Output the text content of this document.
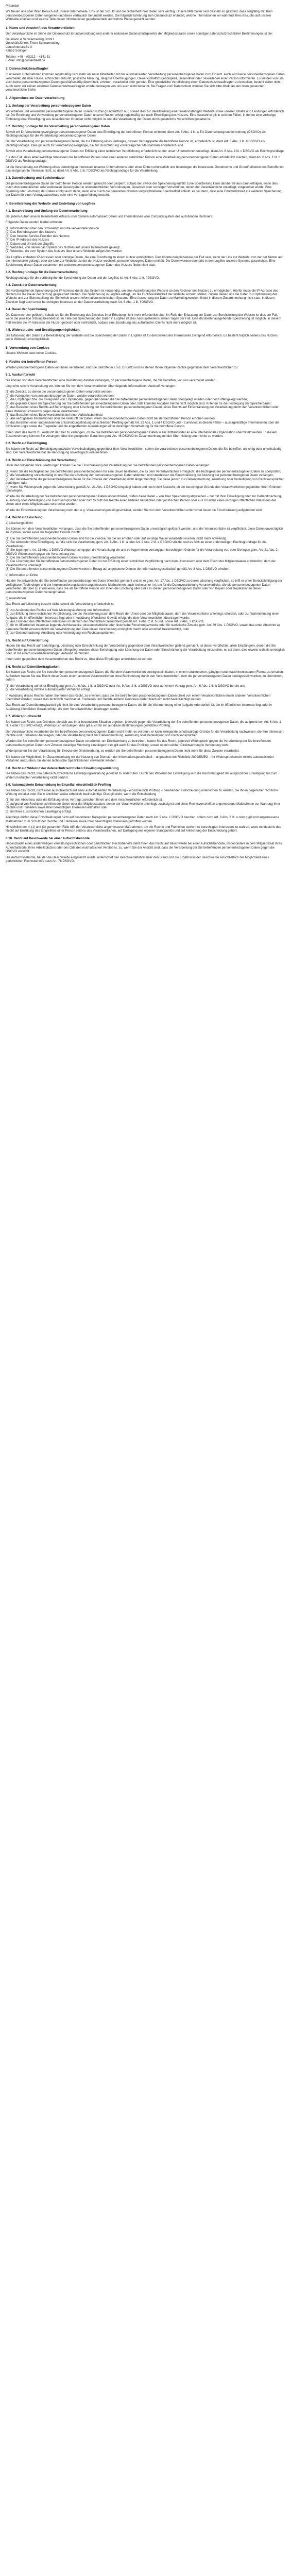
Präambel

Wir freuen uns über Ihren Besuch auf unserer Internetseite. Uns ist der Schutz und die Sicherheit Ihrer Daten sehr wichtig. Unsere Mitarbeiter sind deshalb so geschult, dass sorgfältig mit Ihren personenbezogenen Daten umgehen und diese vertraulich behandelt werden. Die folgende Erklärung zum Datenschutz erläutert, welche Informationen wir während Ihres Besuchs auf unserer Webseite erfassen und welche Teile dieser Informationen gegebenenfalls auf welche Weise genutzt werden.

1. Name und Anschrift des Verantwortlichen

Der Verantwortliche im Sinne der Datenschutz-Grundverordnung und anderer nationaler Datenschutzgesetze der Mitgliedsstaaten sowie sonstiger datenschutzrechtlicher Bestimmungen ist die:

Baumann & Schwarmeding GmbH

Geschäftsführer: Thore Schwarmeding

Leuschnerstraße 3

42659 Solingen

Telefon: +49 – (0)212 – 4141 51

E-Mail: info@postanhaelt.de

2. Datenschutzbeauftragter

In unserem Unternehmen kommen regelmäßig nicht mehr als neun Mitarbeiter mit der automatisierten Verarbeitung personenbezogener Daten zum Einsatz. Auch wird keine personenbezogenen Daten verarbeitet, die über Rasse, ethnische Herkunft, politische Meinung, religiöse Überzeugungen, Gewerkschaftszugehörigkeit, Gesundheit oder Sexualleben einer Person informieren. Es werden von uns auch keine personenbezogenen Daten geschäftsmäßig übermittelt, erhoben, verarbeitet oder genutzt. Eine gesetzliche Verpflichtung einen Datenschutzbeauftragten zu bestellen, besteht daher nicht. Auch wenn wir keinen externen Datenschutzbeauftragten würde deswegen von uns auch nicht benannt. Bei Fragen zum Datenschutz wenden Sie sich bitte direkt an den oben genannten verantwortliche Stelle.

3. Allgemeines zur Datenverarbeitung
3.1. Umfang der Verarbeitung personenbezogener Daten

Wir erheben und verwenden personenbezogene Daten unserer Nutzer grundsätzlich nur, soweit dies zur Bereitstellung einer funktionsfähigen Website sowie unserer Inhalte und Leistungen erforderlich ist. Die Erhebung und Verwendung personenbezogener Daten unserer Nutzer erfolgt regelmäßig nur nach Einwilligung des Nutzers. Eine Ausnahme gilt in solchen Fällen, in denen eine vorherige Einholung einer Einwilligung aus tatsächlichen Gründen nicht möglich ist und die Verarbeitung der Daten durch gesetzliche Vorschriften gestattet ist.

3.2. Rechtsgrundlage für die Verarbeitung personenbezogener Daten

Soweit wir für Verarbeitungsvorgänge personenbezogener Daten eine Einwilligung der betroffenen Person einholen, dient Art. 6 Abs. 1 lit. a EU-Datenschutzgrundverordnung (DSGVO) als Rechtsgrundlage für die Verarbeitung personenbezogener Daten.

Bei der Verarbeitung von personenbezogenen Daten, die zur Erfüllung eines Vertrages, dessen Vertragspartei die betroffene Person ist, erforderlich ist, dient Art. 6 Abs. 1 lit. b DSGVO als Rechtsgrundlage. Dies gilt auch für Verarbeitungsvorgänge, die zur Durchführung vorvertraglicher Maßnahmen erforderlich sind.

Soweit eine Verarbeitung personenbezogener Daten zur Erfüllung einer rechtlichen Verpflichtung erforderlich ist, der unser Unternehmen unterliegt, dient Art. 6 Abs. 1 lit. c DSGVO als Rechtsgrundlage.

Für den Fall, dass lebenswichtige Interessen der betroffenen Person oder einer anderen natürlichen Person eine Verarbeitung personenbezogener Daten erforderlich machen, dient Art. 6 Abs. 1 lit. d DSGVO als Rechtsgrundlage.

Ist die Verarbeitung zur Wahrung eines berechtigten Interesses unseres Unternehmens oder eines Dritten erforderlich und überwiegen die Interessen, Grundrechte und Grundfreiheiten des Betroffenen das erstgenannte Interesse nicht, so dient Art. 6 Abs. 1 lit. f DSGVO als Rechtsgrundlage für die Verarbeitung.

3.3. Datenlöschung und Speicherdauer

Die personenbezogenen Daten der betroffenen Person werden gelöscht oder gesperrt, sobald der Zweck der Speicherung entfällt. Eine Speicherung kann darüber hinaus dann erfolgen, wenn dies durch den europäischen oder nationalen Gesetzgeber in unionsrechtlichen Verordnungen, Gesetzen oder sonstigen Vorschriften, denen der Verantwortliche unterliegt, vorgesehen wurde. Eine Sperrung oder Löschung der Daten erfolgt auch dann, wenn eine durch die genannten Normen vorgeschriebene Speicherfrist abläuft, es sei denn, dass eine Erforderlichkeit zur weiteren Speicherung der Daten für einen Vertragsabschluss oder eine Vertragserfüllung besteht.

4. Bereitstellung der Website und Erstellung von Logfiles
4.1. Beschreibung und Umfang der Datenverarbeitung

Bei jedem Aufruf unserer Internetseite erfasst unser System automatisiert Daten und Informationen vom Computersystem des aufrufenden Rechners.

Folgende Daten werden hierbei erhoben:

(1) Informationen über den Browsertyp und die verwendete Version

(2) Das Betriebssystem des Nutzers

(3) Den Internet-Service-Provider des Nutzers

(4) Die IP-Adresse des Nutzers

(5) Datum und Uhrzeit des Zugriffs

(6) Websites, von denen das System des Nutzers auf unsere Internetseite gelangt

(7) Websites, die vom System des Nutzers über unsere Website aufgerufen werden

Die Logfiles enthalten IP-Adressen oder sonstige Daten, die eine Zuordnung zu einem Nutzer ermöglichen. Dies könnte beispielsweise der Fall sein, wenn der Link zur Website, von der der Nutzer auf die Internetseite gelangt, oder der Link zur Website, zu der der Nutzer wechselt, personenbezogene Daten enthält. Die Daten werden ebenfalls in den Logfiles unseres Systems gespeichert. Eine Speicherung dieser Daten zusammen mit anderen personenbezogenen Daten des Nutzers findet nicht statt.

4.2. Rechtsgrundlage für die Datenverarbeitung

Rechtsgrundlage für die vorübergehende Speicherung der Daten und der Logfiles ist Art. 6 Abs. 1 lit. f DSGVO.

4.3. Zweck der Datenverarbeitung

Die vorübergehende Speicherung der IP-Adresse durch das System ist notwendig, um eine Auslieferung der Website an den Rechner des Nutzers zu ermöglichen. Hierfür muss die IP-Adresse des Nutzers für die Dauer der Sitzung gespeichert bleiben. Die Speicherung in Logfiles erfolgt, um die Funktionsfähigkeit der Website sicherzustellen. Zudem dienen uns die Daten zur Optimierung der Website und zur Sicherstellung der Sicherheit unserer informationstechnischen Systeme. Eine Auswertung der Daten zu Marketingzwecken findet in diesem Zusammenhang nicht statt. In diesen Zwecken liegt auch unser berechtigtes Interesse an der Datenverarbeitung nach Art. 6 Abs. 1 lit. f DSGVO.

4.4. Dauer der Speicherung

Die Daten werden gelöscht, sobald sie für die Erreichung des Zweckes ihrer Erhebung nicht mehr erforderlich sind. Im Falle der Erfassung der Daten zur Bereitstellung der Website ist dies der Fall, wenn die jeweilige Sitzung beendet ist. Im Falle der Speicherung der Daten in Logfiles ist dies nach spätestens sieben Tagen der Fall. Eine darüberhinausgehende Speicherung ist möglich. In diesem Fall werden die IP-Adressen der Nutzer gelöscht oder verfremdet, sodass eine Zuordnung des aufrufenden Clients nicht mehr möglich ist.

4.5. Widerspruchs- und Beseitigungsmöglichkeit

Die Erfassung der Daten zur Bereitstellung der Website und die Speicherung der Daten in Logfiles ist für den Betrieb der Internetseite zwingend erforderlich. Es besteht folglich seitens des Nutzers keine Widerspruchsmöglichkeit.

5. Verwendung von Cookies

Unsere Website setzt keine Cookies.

6. Rechte der betroffenen Person

Werden personenbezogene Daten von Ihnen verarbeitet, sind Sie Betroffener i.S.d. DSGVO und es stehen Ihnen folgende Rechte gegenüber dem Verantwortlichen zu:

6.1. Auskunftsrecht

Sie können von dem Verantwortlichen eine Bestätigung darüber verlangen, ob personenbezogene Daten, die Sie betreffen, von uns verarbeitet werden.

Liegt eine solche Verarbeitung vor, können Sie von dem Verantwortlichen über folgende Informationen Auskunft verlangen:

(1) die Zwecke, zu denen die personenbezogenen Daten verarbeitet werden;

(2) die Kategorien von personenbezogenen Daten, welche verarbeitet werden;

(3) die Empfänger bzw. die Kategorien von Empfängern, gegenüber denen die Sie betreffenden personenbezogenen Daten offengelegt wurden oder noch offengelegt werden;

(4) die geplante Dauer der Speicherung der Sie betreffenden personenbezogenen Daten oder, falls konkrete Angaben hierzu nicht möglich sind, Kriterien für die Festlegung der Speicherdauer;

(5) das Bestehen eines Rechts auf Berichtigung oder Löschung der Sie betreffenden personenbezogenen Daten, eines Rechts auf Einschränkung der Verarbeitung durch den Verantwortlichen oder eines Widerspruchsrechts gegen diese Verarbeitung;

(6) das Bestehen eines Beschwerderechts bei einer Aufsichtsbehörde;

(7) alle verfügbaren Informationen über die Herkunft der Daten, wenn die personenbezogenen Daten nicht bei der betroffenen Person erhoben werden;

(8) das Bestehen einer automatisierten Entscheidungsfindung einschließlich Profiling gemäß Art. 22 Abs. 1 und 4 DSGVO und – zumindest in diesen Fällen – aussagekräftige Informationen über die involvierte Logik sowie die Tragweite und die angestrebten Auswirkungen einer derartigen Verarbeitung für die betroffene Person.

Ihnen steht das Recht zu, Auskunft darüber zu verlangen, ob die Sie betreffenden personenbezogenen Daten in ein Drittland oder an eine internationale Organisation übermittelt werden. In diesem Zusammenhang können Sie verlangen, über die geeigneten Garantien gem. Art. 46 DSGVO im Zusammenhang mit der Übermittlung unterrichtet zu werden.

6.2. Recht auf Berichtigung

Sie haben ein Recht auf Berichtigung und/oder Vervollständigung gegenüber dem Verantwortlichen, sofern die verarbeiteten personenbezogenen Daten, die Sie betreffen, unrichtig oder unvollständig sind. Der Verantwortliche hat die Berichtigung unverzüglich vorzunehmen.

6.3. Recht auf Einschränkung der Verarbeitung

Unter den folgenden Voraussetzungen können Sie die Einschränkung der Verarbeitung der Sie betreffenden personenbezogenen Daten verlangen:

(1) wenn Sie die Richtigkeit der Sie betreffenden personenbezogenen für eine Dauer bestreiten, die es dem Verantwortlichen ermöglicht, die Richtigkeit der personenbezogenen Daten zu überprüfen;

(2) die Verarbeitung unrechtmäßig ist und Sie die Löschung der personenbezogenen Daten ablehnen und stattdessen die Einschränkung der Nutzung der personenbezogenen Daten verlangen;

(3) der Verantwortliche die personenbezogenen Daten für die Zwecke der Verarbeitung nicht länger benötigt, Sie diese jedoch zur Geltendmachung, Ausübung oder Verteidigung von Rechtsansprüchen benötigen, oder

(4) wenn Sie Widerspruch gegen die Verarbeitung gemäß Art. 21 Abs. 1 DSGVO eingelegt haben und noch nicht feststeht, ob die berechtigten Gründe des Verantwortlichen gegenüber Ihren Gründen überwiegen.

Wurde die Verarbeitung der Sie betreffenden personenbezogenen Daten eingeschränkt, dürfen diese Daten – von ihrer Speicherung abgesehen – nur mit Ihrer Einwilligung oder zur Geltendmachung, Ausübung oder Verteidigung von Rechtsansprüchen oder zum Schutz der Rechte einer anderen natürlichen oder juristischen Person oder aus Gründen eines wichtigen öffentlichen Interesses der Union oder eines Mitgliedstaats verarbeitet werden.

Wurde die Einschränkung der Verarbeitung nach den o.g. Voraussetzungen eingeschränkt, werden Sie von dem Verantwortlichen unterrichtet bevor die Einschränkung aufgehoben wird.

6.4. Recht auf Löschung

a) Löschungspflicht

Sie können von dem Verantwortlichen verlangen, dass die Sie betreffenden personenbezogenen Daten unverzüglich gelöscht werden, und der Verantwortliche ist verpflichtet, diese Daten unverzüglich zu löschen, sofern einer der folgenden Gründe zutrifft:

(1) Die Sie betreffenden personenbezogenen Daten sind für die Zwecke, für die sie erhoben oder auf sonstige Weise verarbeitet wurden, nicht mehr notwendig.

(2) Sie widerrufen Ihre Einwilligung, auf die sich die Verarbeitung gem. Art. 6 Abs. 1 lit. a oder Art. 9 Abs. 2 lit. a DSGVO stützte, und es fehlt an einer anderweitigen Rechtsgrundlage für die Verarbeitung.

(3) Sie legen gem. Art. 21 Abs. 1 DSGVO Widerspruch gegen die Verarbeitung ein und es liegen keine vorrangigen berechtigten Gründe für die Verarbeitung vor, oder Sie legen gem. Art. 21 Abs. 2 DSGVO Widerspruch gegen die Verarbeitung ein.

(4) Die Sie betreffenden personenbezogenen Daten wurden unrechtmäßig verarbeitet.

(5) Die Löschung der Sie betreffenden personenbezogenen Daten ist zur Erfüllung einer rechtlichen Verpflichtung nach dem Unionsrecht oder dem Recht der Mitgliedstaaten erforderlich, dem der Verantwortliche unterliegt.

(6) Die Sie betreffenden personenbezogenen Daten wurden in Bezug auf angebotene Dienste der Informationsgesellschaft gemäß Art. 8 Abs. 1 DSGVO erhoben.

b) Information an Dritte

Hat der Verantwortliche die Sie betreffenden personenbezogenen Daten öffentlich gemacht und ist er gem. Art. 17 Abs. 1 DSGVO zu deren Löschung verpflichtet, so trifft er unter Berücksichtigung der verfügbaren Technologie und der Implementierungskosten angemessene Maßnahmen, auch technischer Art, um für die Datenverarbeitung Verantwortliche, die die personenbezogenen Daten verarbeiten, darüber zu informieren, dass Sie als betroffene Person von ihnen die Löschung aller Links zu diesen personenbezogenen Daten oder von Kopien oder Replikationen dieser personenbezogenen Daten verlangt haben.

c) Ausnahmen

Das Recht auf Löschung besteht nicht, soweit die Verarbeitung erforderlich ist

(1) zur Ausübung des Rechts auf freie Meinungsäußerung und Information;

(2) zur Erfüllung einer rechtlichen Verpflichtung, die die Verarbeitung nach dem Recht der Union oder der Mitgliedstaaten, dem der Verantwortliche unterliegt, erfordert, oder zur Wahrnehmung einer Aufgabe, die im öffentlichen Interesse liegt oder in Ausübung öffentlicher Gewalt erfolgt, die dem Verantwortlichen übertragen wurde;

(3) aus Gründen des öffentlichen Interesses im Bereich der öffentlichen Gesundheit gemäß Art. 9 Abs. 2 lit. h und i sowie Art. 9 Abs. 3 DSGVO;

(4) für im öffentlichen Interesse liegende Archivzwecke, wissenschaftliche oder historische Forschungszwecke oder für statistische Zwecke gem. Art. 89 Abs. 1 DSGVO, soweit das unter Abschnitt a) genannte Recht voraussichtlich die Verwirklichung der Ziele dieser Verarbeitung unmöglich macht oder ernsthaft beeinträchtigt, oder

(5) zur Geltendmachung, Ausübung oder Verteidigung von Rechtsansprüchen.

6.5. Recht auf Unterrichtung

Haben Sie das Recht auf Berichtigung, Löschung oder Einschränkung der Verarbeitung gegenüber dem Verantwortlichen geltend gemacht, ist dieser verpflichtet, allen Empfängern, denen die Sie betreffenden personenbezogenen Daten offengelegt wurden, diese Berichtigung oder Löschung der Daten oder Einschränkung der Verarbeitung mitzuteilen, es sei denn, dies erweist sich als unmöglich oder ist mit einem unverhältnismäßigen Aufwand verbunden.

Ihnen steht gegenüber dem Verantwortlichen das Recht zu, über diese Empfänger unterrichtet zu werden.

6.6. Recht auf Datenübertragbarkeit

Sie haben das Recht, die Sie betreffenden personenbezogenen Daten, die Sie dem Verantwortlichen bereitgestellt haben, in einem strukturierten, gängigen und maschinenlesbaren Format zu erhalten. Außerdem haben Sie das Recht diese Daten einem anderen Verantwortlichen ohne Behinderung durch den Verantwortlichen, dem die personenbezogenen Daten bereitgestellt wurden, zu übermitteln, sofern

(1) die Verarbeitung auf einer Einwilligung gem. Art. 6 Abs. 1 lit. a DSGVO oder Art. 9 Abs. 2 lit. a DSGVO oder auf einem Vertrag gem. Art. 6 Abs. 1 lit. b DSGVO beruht und

(2) die Verarbeitung mithilfe automatisierter Verfahren erfolgt.

In Ausübung dieses Rechts haben Sie ferner das Recht, zu erwirken, dass die Sie betreffenden personenbezogenen Daten direkt von einem Verantwortlichen einem anderen Verantwortlichen übermittelt werden, soweit dies technisch machbar ist. Freiheiten und Rechte anderer Personen dürfen hierdurch nicht beeinträchtigt werden.

Das Recht auf Datenübertragbarkeit gilt nicht für eine Verarbeitung personenbezogener Daten, die für die Wahrnehmung einer Aufgabe erforderlich ist, die im öffentlichen Interesse liegt oder in Ausübung öffentlicher Gewalt erfolgt, die dem Verantwortlichen übertragen wurde.

6.7. Widerspruchsrecht

Sie haben das Recht, aus Gründen, die sich aus Ihrer besonderen Situation ergeben, jederzeit gegen die Verarbeitung der Sie betreffenden personenbezogenen Daten, die aufgrund von Art. 6 Abs. 1 lit. e oder f DSGVO erfolgt, Widerspruch einzulegen; dies gilt auch für ein auf diese Bestimmungen gestütztes Profiling.

Der Verantwortliche verarbeitet die Sie betreffenden personenbezogenen Daten nicht mehr, es sei denn, er kann zwingende schutzwürdige Gründe für die Verarbeitung nachweisen, die Ihre Interessen, Rechte und Freiheiten überwiegen, oder die Verarbeitung dient der Geltendmachung, Ausübung oder Verteidigung von Rechtsansprüchen.

Werden die Sie betreffenden personenbezogenen Daten verarbeitet, um Direktwerbung zu betreiben, haben Sie das Recht, jederzeit Widerspruch gegen die Verarbeitung der Sie betreffenden personenbezogenen Daten zum Zwecke derartiger Werbung einzulegen; dies gilt auch für das Profiling, soweit es mit solcher Direktwerbung in Verbindung steht.

Widersprechen Sie der Verarbeitung für Zwecke der Direktwerbung, so werden die Sie betreffenden personenbezogenen Daten nicht mehr für diese Zwecke verarbeitet.

Sie haben die Möglichkeit, im Zusammenhang mit der Nutzung von Diensten der Informationsgesellschaft – ungeachtet der Richtlinie 2002/58/EG – Ihr Widerspruchsrecht mittels automatisierter Verfahren auszuüben, bei denen technische Spezifikationen verwendet werden.

6.8. Recht auf Widerruf der datenschutzrechtlichen Einwilligungserklärung

Sie haben das Recht, Ihre datenschutzrechtliche Einwilligungserklärung jederzeit zu widerrufen. Durch den Widerruf der Einwilligung wird die Rechtmäßigkeit der aufgrund der Einwilligung bis zum Widerruf erfolgten Verarbeitung nicht berührt.

6.9. Automatisierte Entscheidung im Einzelfall einschließlich Profiling

Sie haben das Recht, nicht einer ausschließlich auf einer automatisierten Verarbeitung – einschließlich Profiling – beruhenden Entscheidung unterworfen zu werden, die Ihnen gegenüber rechtliche Wirkung entfaltet oder Sie in ähnlicher Weise erheblich beeinträchtigt. Dies gilt nicht, wenn die Entscheidung

(1) für den Abschluss oder die Erfüllung eines Vertrags zwischen Ihnen und dem Verantwortlichen erforderlich ist,

(2) aufgrund von Rechtsvorschriften der Union oder der Mitgliedstaaten, denen der Verantwortliche unterliegt, zulässig ist und diese Rechtsvorschriften angemessene Maßnahmen zur Wahrung Ihrer Rechte und Freiheiten sowie Ihrer berechtigten Interessen enthalten oder

(3) mit Ihrer ausdrücklichen Einwilligung erfolgt.

Allerdings dürfen diese Entscheidungen nicht auf besonderen Kategorien personenbezogener Daten nach Art. 9 Abs. 1 DSGVO beruhen, sofern nicht Art. 9 Abs. 2 lit. a oder g gilt und angemessene Maßnahmen zum Schutz der Rechte und Freiheiten sowie Ihrer berechtigten Interessen getroffen wurden.

Hinsichtlich der in (1) und (3) genannten Fälle trifft der Verantwortliche angemessene Maßnahmen, um die Rechte und Freiheiten sowie Ihre berechtigten Interessen zu wahren, wozu mindestens das Recht auf Erwirkung des Eingreifens einer Person seitens des Verantwortlichen, auf Darlegung des eigenen Standpunkts und auf Anfechtung der Entscheidung gehört.

6.10. Recht auf Beschwerde bei einer Aufsichtsbehörde

Unbeschadet eines anderweitigen verwaltungsrechtlichen oder gerichtlichen Rechtsbehelfs steht Ihnen das Recht auf Beschwerde bei einer Aufsichtsbehörde, insbesondere in dem Mitgliedstaat ihres Aufenthaltsorts, ihres Arbeitsplatzes oder des Orts des mutmaßlichen Verstoßes, zu, wenn Sie der Ansicht sind, dass die Verarbeitung der Sie betreffenden personenbezogenen Daten gegen die DSGVO verstößt.

Die Aufsichtsbehörde, bei der die Beschwerde eingereicht wurde, unterrichtet den Beschwerdeführer über den Stand und die Ergebnisse der Beschwerde einschließlich der Möglichkeit eines gerichtlichen Rechtsbehelfs nach Art. 78 DSGVO.
